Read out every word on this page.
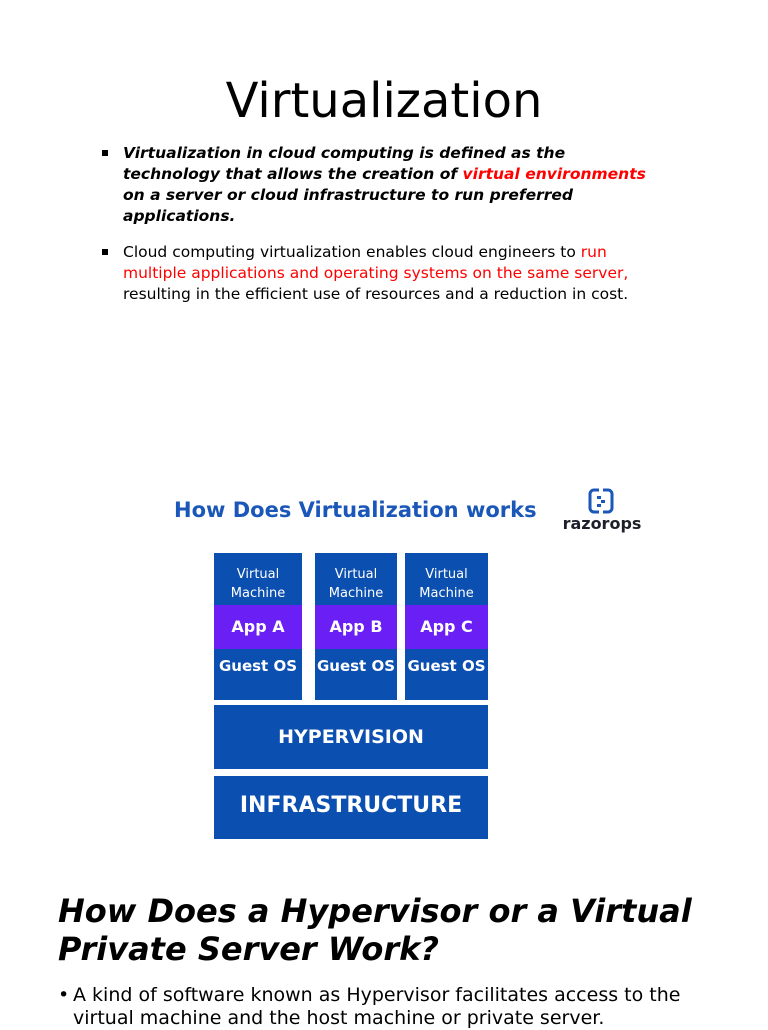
Virtualization
Virtualization in cloud computing is defined as the technology that allows the creation of virtual environments on a server or cloud infrastructure to run preferred applications.
Cloud computing virtualization enables cloud engineers to run multiple applications and operating systems on the same server, resulting in the efficient use of resources and a reduction in cost.
How Does Virtualization works
razorops
Virtual Machine
App A
Guest OS
Virtual Machine
App B
Guest OS
Virtual Machine
App C
Guest OS
HYPERVISION
INFRASTRUCTURE
How Does a Hypervisor or a Virtual Private Server Work?
• A kind of software known as Hypervisor facilitates access to the virtual machine and the host machine or private server.
